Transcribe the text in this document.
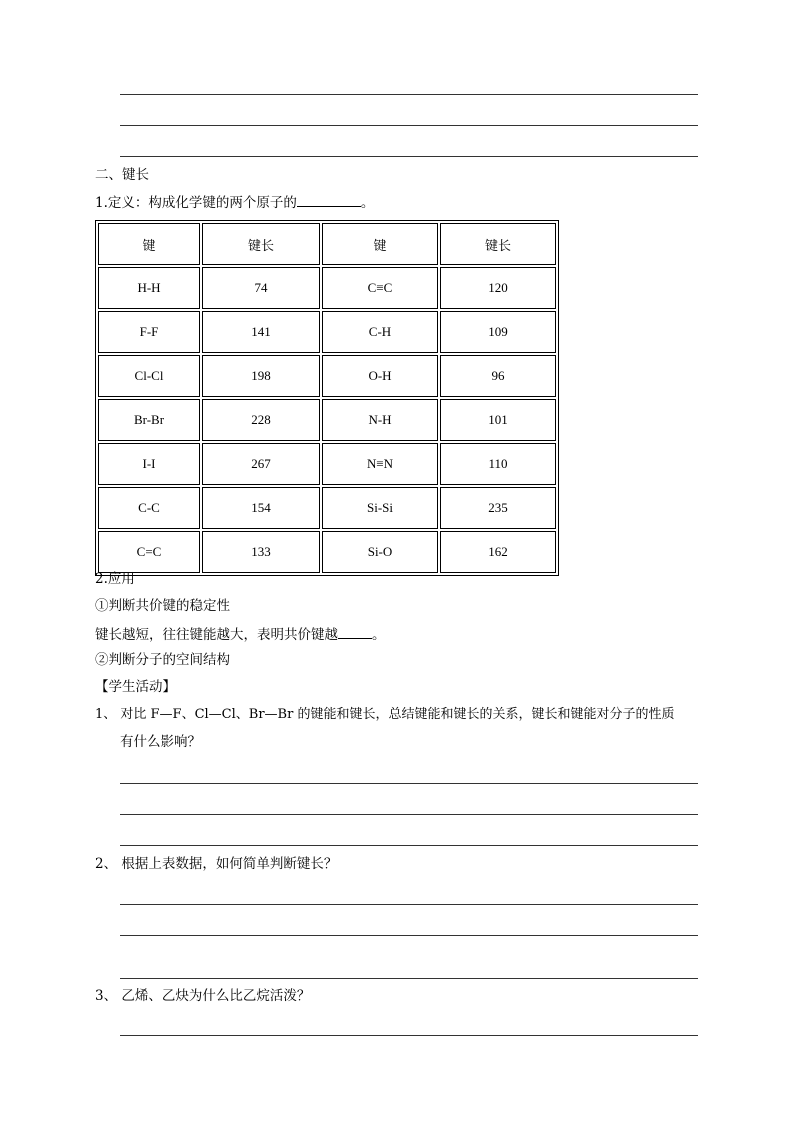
二、键长
1.定义：构成化学键的两个原子的	。
键	键长	键	键长
H-H	74	C≡C	120
F-F	141	C-H	109
Cl-Cl	198	O-H	96
Br-Br	228	N-H	101
I-I	267	N≡N	110
C-C	154	Si-Si	235
C=C	133	Si-O	162
2.应用
①判断共价键的稳定性
键长越短，往往键能越大，表明共价键越	。
②判断分子的空间结构
【学生活动】
1、 对比 F—F、Cl—Cl、Br—Br 的键能和键长，总结键能和键长的关系，键长和键能对分子的性质
有什么影响？
2、 根据上表数据，如何简单判断键长？
3、 乙烯、乙炔为什么比乙烷活泼？
